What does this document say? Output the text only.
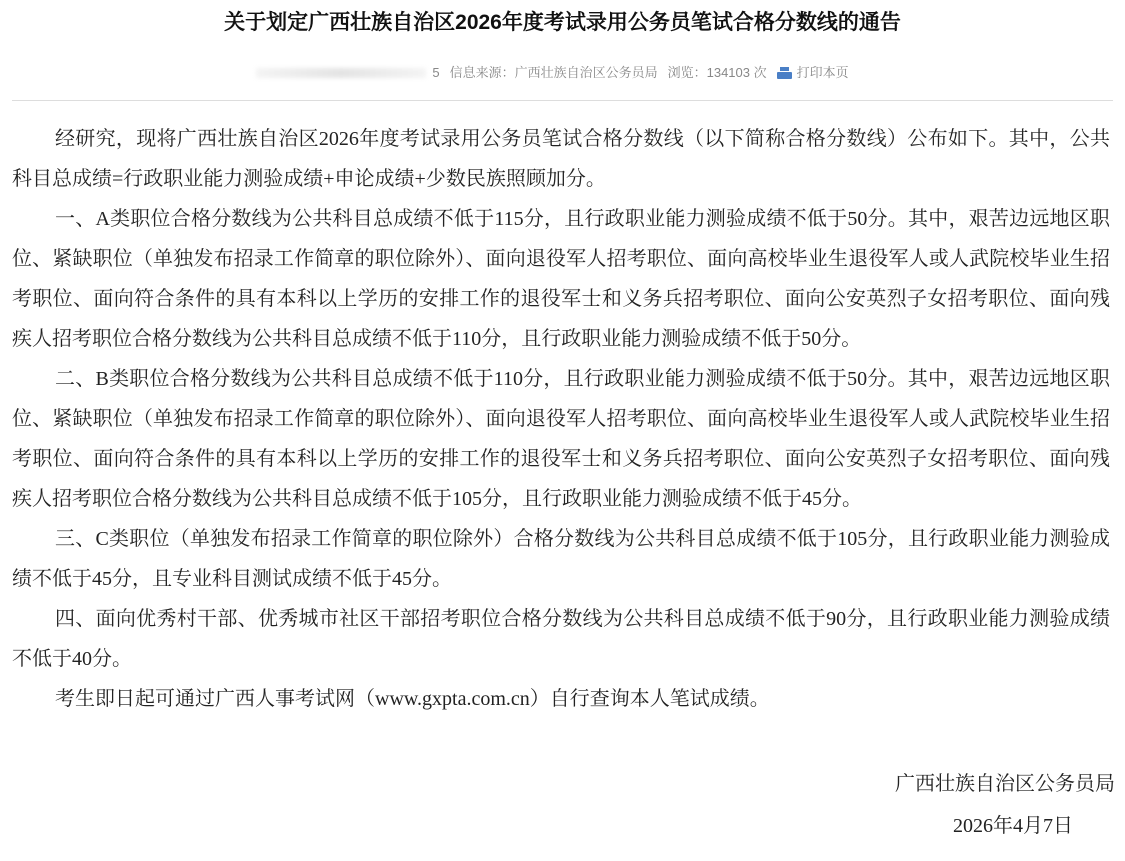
关于划定广西壮族自治区2026年度考试录用公务员笔试合格分数线的通告
5 信息来源：广西壮族自治区公务员局 浏览：134103 次 打印本页

经研究，现将广西壮族自治区2026年度考试录用公务员笔试合格分数线（以下简称合格分数线）公布如下。其中，公共科目总成绩=行政职业能力测验成绩+申论成绩+少数民族照顾加分。

一、A类职位合格分数线为公共科目总成绩不低于115分，且行政职业能力测验成绩不低于50分。其中，艰苦边远地区职位、紧缺职位（单独发布招录工作简章的职位除外）、面向退役军人招考职位、面向高校毕业生退役军人或人武院校毕业生招考职位、面向符合条件的具有本科以上学历的安排工作的退役军士和义务兵招考职位、面向公安英烈子女招考职位、面向残疾人招考职位合格分数线为公共科目总成绩不低于110分，且行政职业能力测验成绩不低于50分。

二、B类职位合格分数线为公共科目总成绩不低于110分，且行政职业能力测验成绩不低于50分。其中，艰苦边远地区职位、紧缺职位（单独发布招录工作简章的职位除外）、面向退役军人招考职位、面向高校毕业生退役军人或人武院校毕业生招考职位、面向符合条件的具有本科以上学历的安排工作的退役军士和义务兵招考职位、面向公安英烈子女招考职位、面向残疾人招考职位合格分数线为公共科目总成绩不低于105分，且行政职业能力测验成绩不低于45分。

三、C类职位（单独发布招录工作简章的职位除外）合格分数线为公共科目总成绩不低于105分，且行政职业能力测验成绩不低于45分，且专业科目测试成绩不低于45分。

四、面向优秀村干部、优秀城市社区干部招考职位合格分数线为公共科目总成绩不低于90分，且行政职业能力测验成绩不低于40分。

考生即日起可通过广西人事考试网（www.gxpta.com.cn）自行查询本人笔试成绩。

广西壮族自治区公务员局
2026年4月7日
